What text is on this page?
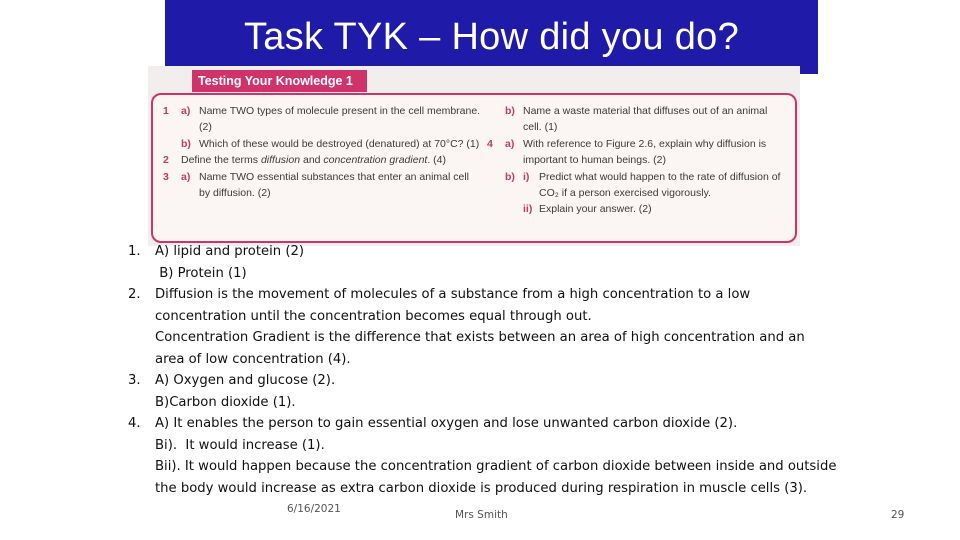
Task TYK – How did you do?
Testing Your Knowledge 1
1	a) Name TWO types of molecule present in the cell membrane. (2)
b) Which of these would be destroyed (denatured) at 70°C? (1)
2	Define the terms diffusion and concentration gradient. (4)
3	a) Name TWO essential substances that enter an animal cell by diffusion. (2)
b) Name a waste material that diffuses out of an animal cell. (1)
4	a) With reference to Figure 2.6, explain why diffusion is important to human beings. (2)
b) i) Predict what would happen to the rate of diffusion of CO₂ if a person exercised vigorously.
ii) Explain your answer. (2)
1.	A) lipid and protein (2)
B) Protein (1)
2.	Diffusion is the movement of molecules of a substance from a high concentration to a low concentration until the concentration becomes equal through out.
Concentration Gradient is the difference that exists between an area of high concentration and an area of low concentration (4).
3.	A) Oxygen and glucose (2).
B)Carbon dioxide (1).
4.	A) It enables the person to gain essential oxygen and lose unwanted carbon dioxide (2).
Bi).  It would increase (1).
Bii). It would happen because the concentration gradient of carbon dioxide between inside and outside the body would increase as extra carbon dioxide is produced during respiration in muscle cells (3).
6/16/2021	Mrs Smith	29
